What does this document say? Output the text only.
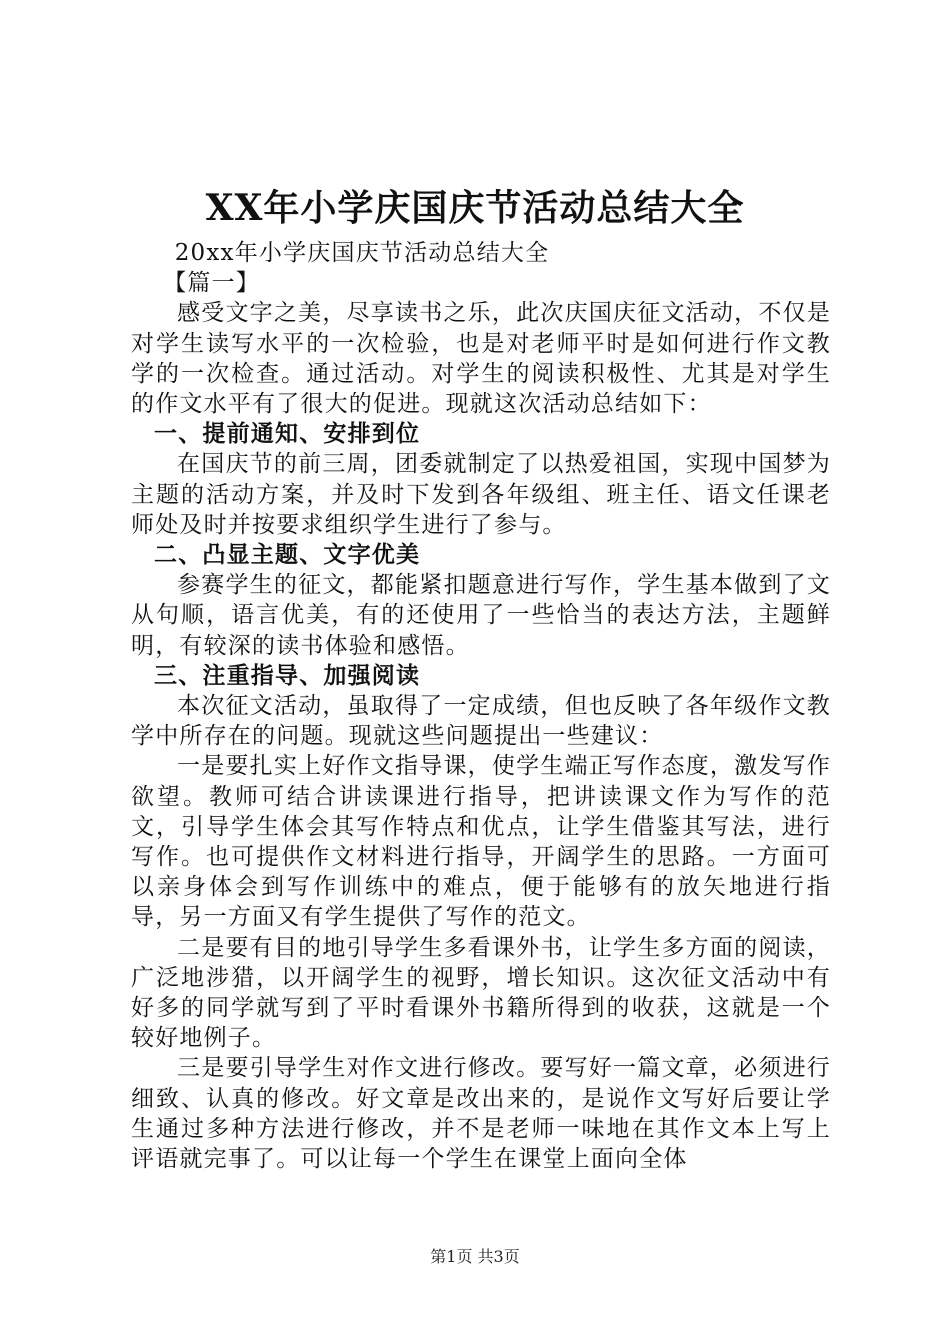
XX年小学庆国庆节活动总结大全

20xx年小学庆国庆节活动总结大全

【篇一】

感受文字之美，尽享读书之乐，此次庆国庆征文活动，不仅是对学生读写水平的一次检验，也是对老师平时是如何进行作文教学的一次检查。通过活动。对学生的阅读积极性、尤其是对学生的作文水平有了很大的促进。现就这次活动总结如下：

一、提前通知、安排到位

在国庆节的前三周，团委就制定了以热爱祖国，实现中国梦为主题的活动方案，并及时下发到各年级组、班主任、语文任课老师处及时并按要求组织学生进行了参与。

二、凸显主题、文字优美

参赛学生的征文，都能紧扣题意进行写作，学生基本做到了文从句顺，语言优美，有的还使用了一些恰当的表达方法，主题鲜明，有较深的读书体验和感悟。

三、注重指导、加强阅读

本次征文活动，虽取得了一定成绩，但也反映了各年级作文教学中所存在的问题。现就这些问题提出一些建议：

一是要扎实上好作文指导课，使学生端正写作态度，激发写作欲望。教师可结合讲读课进行指导，把讲读课文作为写作的范文，引导学生体会其写作特点和优点，让学生借鉴其写法，进行写作。也可提供作文材料进行指导，开阔学生的思路。一方面可以亲身体会到写作训练中的难点，便于能够有的放矢地进行指导，另一方面又有学生提供了写作的范文。

二是要有目的地引导学生多看课外书，让学生多方面的阅读，广泛地涉猎，以开阔学生的视野，增长知识。这次征文活动中有好多的同学就写到了平时看课外书籍所得到的收获，这就是一个较好地例子。

三是要引导学生对作文进行修改。要写好一篇文章，必须进行细致、认真的修改。好文章是改出来的，是说作文写好后要让学生通过多种方法进行修改，并不是老师一味地在其作文本上写上评语就完事了。可以让每一个学生在课堂上面向全体

第1页 共3页
